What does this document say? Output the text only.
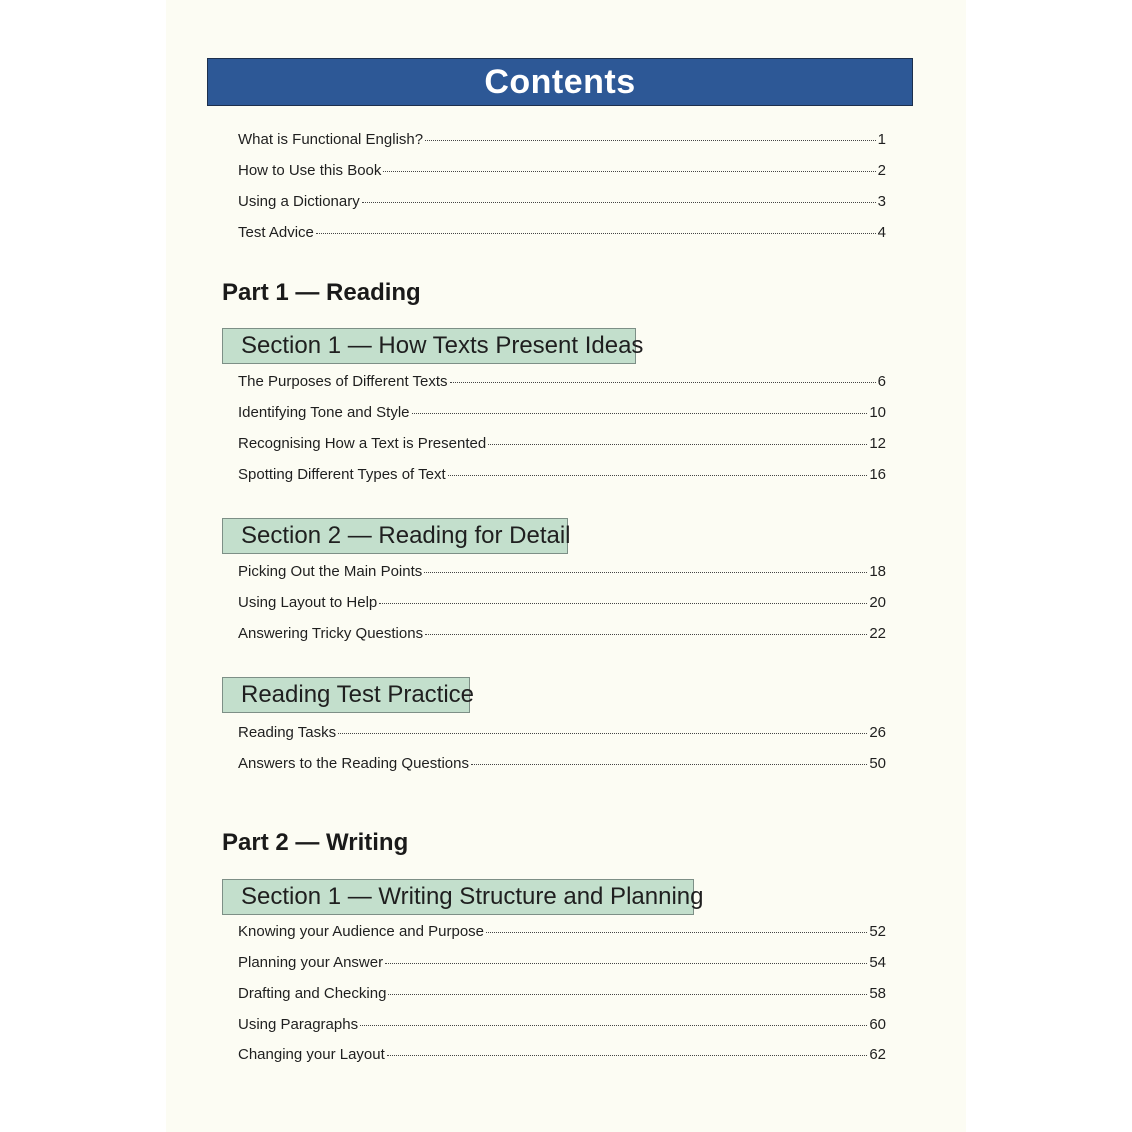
Contents
What is Functional English?	1
How to Use this Book	2
Using a Dictionary	3
Test Advice	4
Part 1 — Reading
Section 1 — How Texts Present Ideas
The Purposes of Different Texts	6
Identifying Tone and Style	10
Recognising How a Text is Presented	12
Spotting Different Types of Text	16
Section 2 — Reading for Detail
Picking Out the Main Points	18
Using Layout to Help	20
Answering Tricky Questions	22
Reading Test Practice
Reading Tasks	26
Answers to the Reading Questions	50
Part 2 — Writing
Section 1 — Writing Structure and Planning
Knowing your Audience and Purpose	52
Planning your Answer	54
Drafting and Checking	58
Using Paragraphs	60
Changing your Layout	62
